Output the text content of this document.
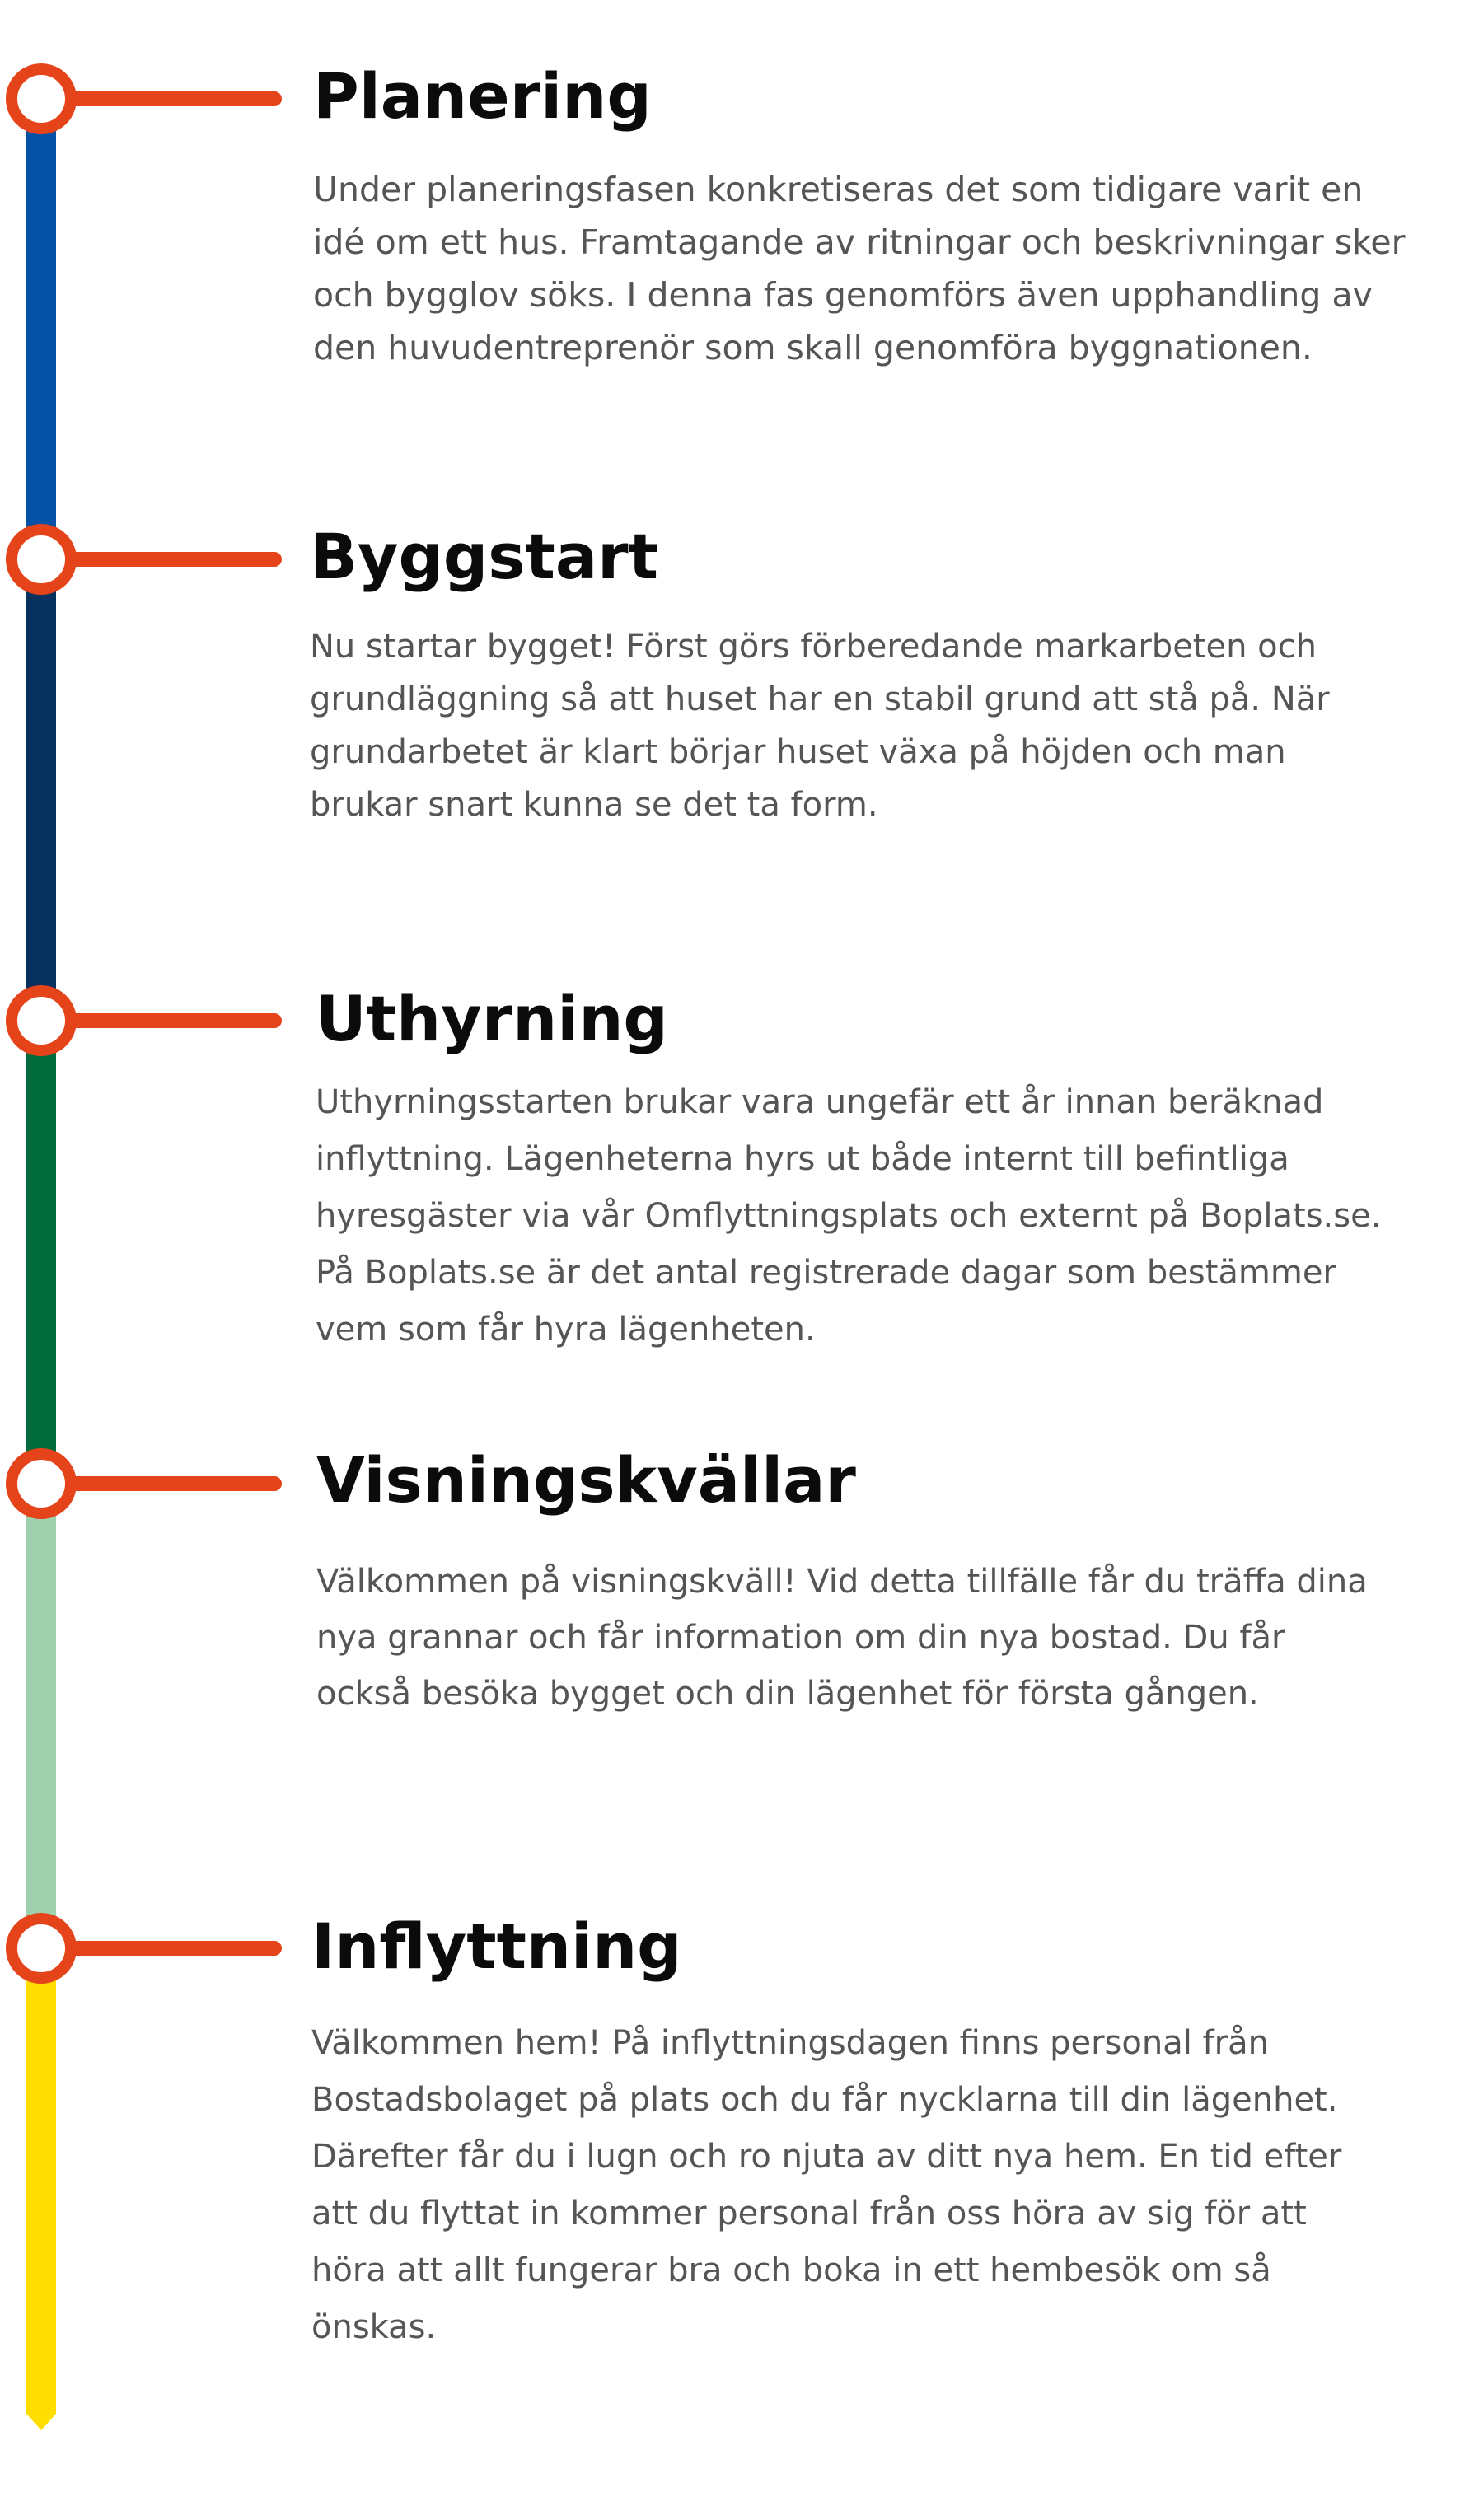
Planering

Under planeringsfasen konkretiseras det som tidigare varit en idé om ett hus. Framtagande av ritningar och beskrivningar sker och bygglov söks. I denna fas genomförs även upphandling av den huvudentreprenör som skall genomföra byggnationen.

Byggstart

Nu startar bygget! Först görs förberedande markarbeten och grundläggning så att huset har en stabil grund att stå på. När grundarbetet är klart börjar huset växa på höjden och man brukar snart kunna se det ta form.

Uthyrning

Uthyrningsstarten brukar vara ungefär ett år innan beräknad inflyttning. Lägenheterna hyrs ut både internt till befintliga hyresgäster via vår Omflyttningsplats och externt på Boplats.se. På Boplats.se är det antal registrerade dagar som bestämmer vem som får hyra lägenheten.

Visningskvällar

Välkommen på visningskväll! Vid detta tillfälle får du träffa dina nya grannar och får information om din nya bostad. Du får också besöka bygget och din lägenhet för första gången.

Inflyttning

Välkommen hem! På inflyttningsdagen finns personal från Bostadsbolaget på plats och du får nycklarna till din lägenhet. Därefter får du i lugn och ro njuta av ditt nya hem. En tid efter att du flyttat in kommer personal från oss höra av sig för att höra att allt fungerar bra och boka in ett hembesök om så önskas.
